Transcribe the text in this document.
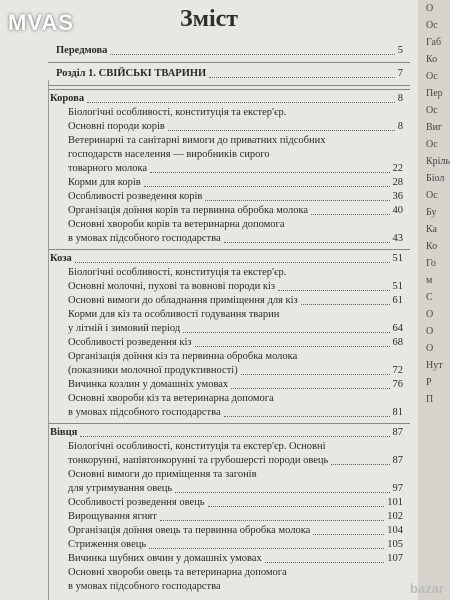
Зміст
Передмова	5
Розділ 1. СВІЙСЬКІ ТВАРИНИ	7
Корова	8
Біологічні особливості, конституція та екстер'єр.
Основні породи корів	8
Ветеринарні та санітарні вимоги до приватних підсобних
господарств населення — виробників сирого
товарного молока	22
Корми для корів	28
Особливості розведення корів	36
Організація доїння корів та первинна обробка молока	40
Основні хвороби корів та ветеринарна допомога
в умовах підсобного господарства	43
Коза	51
Біологічні особливості, конституція та екстер'єр.
Основні молочні, пухові та вовнові породи кіз	51
Основні вимоги до обладнання приміщення для кіз	61
Корми для кіз та особливості годування тварин
у літній і зимовий період	64
Особливості розведення кіз	68
Організація доїння кіз та первинна обробка молока
(показники молочної продуктивності)	72
Вичинка козлин у домашніх умовах	76
Основні хвороби кіз та ветеринарна допомога
в умовах підсобного господарства	81
Вівця	87
Біологічні особливості, конституція та екстер'єр. Основні
тонкорунні, напівтонкорунні та грубошерсті породи овець	87
Основні вимоги до приміщення та загонів
для утримування овець	97
Особливості розведення овець	101
Вирощування ягнят	102
Організація доїння овець та первинна обробка молока	104
Стриження овець	105
Вичинка шубних овчин у домашніх умовах	107
Основні хвороби овець та ветеринарна допомога
в умовах підсобного господарства
О
Ос
Габ
Ко
Ос
Пер
Ос
Виг
Ос
Кріль
Біол
Ос
Бу
Ка
Ко
Го
м
С
О
О
О
Нут
Р
П
MVAS
bazar
